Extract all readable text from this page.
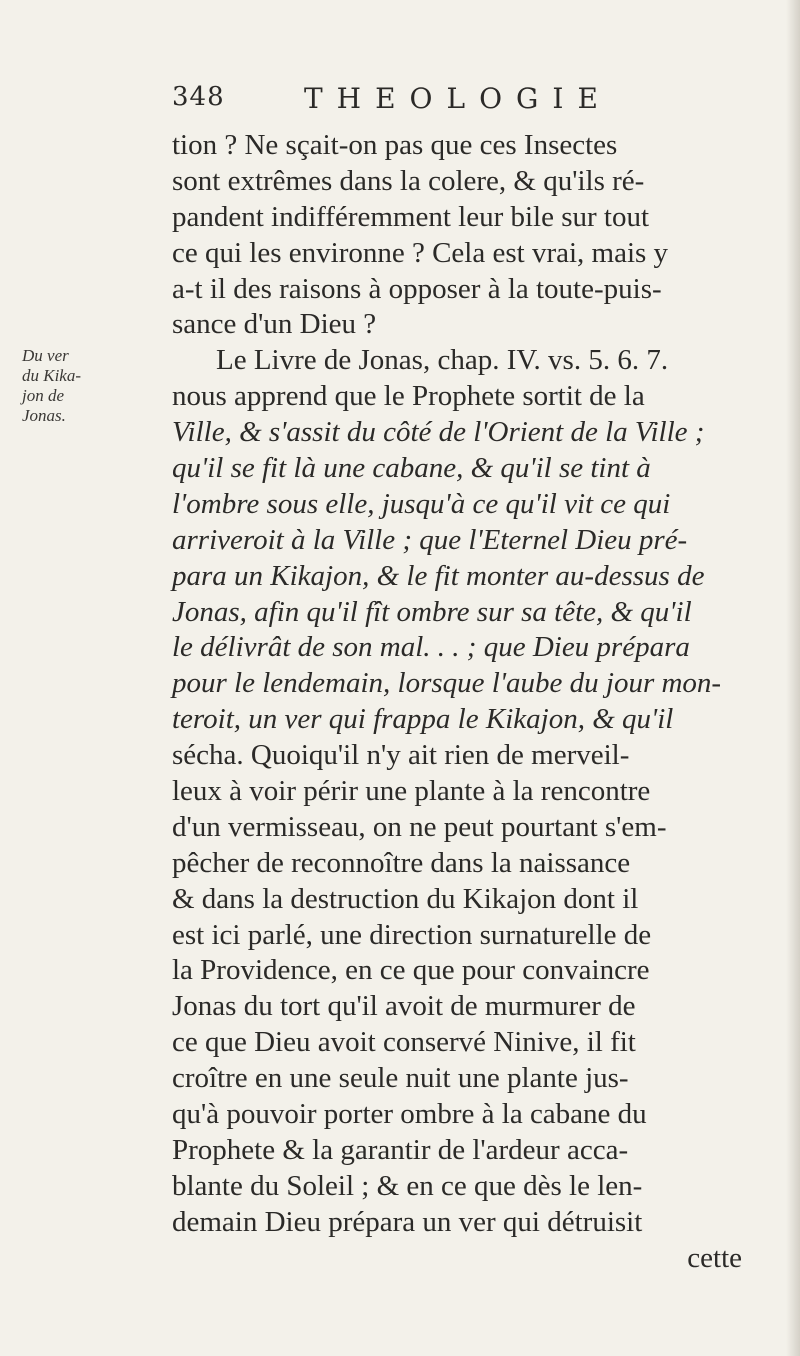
348	THEOLOGIE
Du ver
du Kika-
jon de
Jonas.
tion ? Ne sçait-on pas que ces Insectes
sont extrêmes dans la colere, & qu'ils ré-
pandent indifféremment leur bile sur tout
ce qui les environne ? Cela est vrai, mais y
a-t il des raisons à opposer à la toute-puis-
sance d'un Dieu ?
Le Livre de Jonas, chap. IV. vs. 5. 6. 7.
nous apprend que le Prophete sortit de la
Ville, & s'assit du côté de l'Orient de la Ville ;
qu'il se fit là une cabane, & qu'il se tint à
l'ombre sous elle, jusqu'à ce qu'il vit ce qui
arriveroit à la Ville ; que l'Eternel Dieu pré-
para un Kikajon, & le fit monter au-dessus de
Jonas, afin qu'il fît ombre sur sa tête, & qu'il
le délivrât de son mal. . . ; que Dieu prépara
pour le lendemain, lorsque l'aube du jour mon-
teroit, un ver qui frappa le Kikajon, & qu'il
sécha. Quoiqu'il n'y ait rien de merveil-
leux à voir périr une plante à la rencontre
d'un vermisseau, on ne peut pourtant s'em-
pêcher de reconnoître dans la naissance
& dans la destruction du Kikajon dont il
est ici parlé, une direction surnaturelle de
la Providence, en ce que pour convaincre
Jonas du tort qu'il avoit de murmurer de
ce que Dieu avoit conservé Ninive, il fit
croître en une seule nuit une plante jus-
qu'à pouvoir porter ombre à la cabane du
Prophete & la garantir de l'ardeur acca-
blante du Soleil ; & en ce que dès le len-
demain Dieu prépara un ver qui détruisit
cette
